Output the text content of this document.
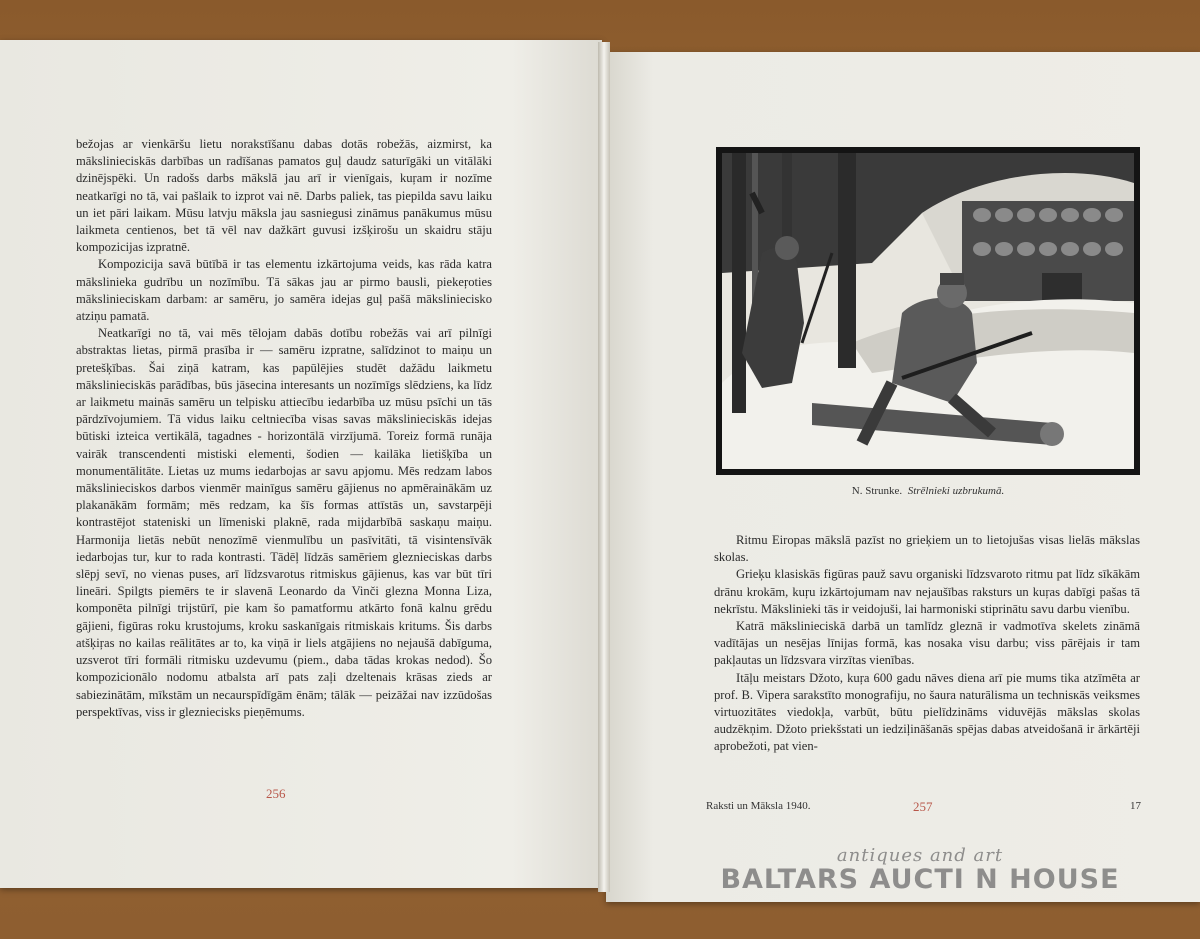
bežojas ar vienkāršu lietu norakstīšanu dabas dotās robežās, aizmirst, ka mākslinieciskās darbības un radīšanas pamatos guļ daudz saturīgāki un vitālāki dzinējspēki. Un radošs darbs mākslā jau arī ir vienīgais, kuŗam ir nozīme neatkarīgi no tā, vai pašlaik to izprot vai nē. Darbs paliek, tas piepilda savu laiku un iet pāri laikam. Mūsu latvju māksla jau sasniegusi zināmus panākumus mūsu laikmeta centienos, bet tā vēl nav dažkārt guvusi izšķirošu un skaidru stāju kompozicijas izpratnē.

Kompozicija savā būtībā ir tas elementu izkārtojuma veids, kas rāda katra mākslinieka gudrību un nozīmību. Tā sākas jau ar pirmo bausli, piekeŗoties mākslinieciskam darbam: ar samēru, jo samēra idejas guļ pašā mākslinieciskо atziņu pamatā.

Neatkarīgi no tā, vai mēs tēlojam dabās dotību robežās vai arī pilnīgi abstraktas lietas, pirmā prasība ir — samēru izpratne, salīdzinot to maiņu un pretešķības. Šai ziņā katram, kas papūlējies studēt dažādu laikmetu mākslinieciskās parādības, būs jāsecina interesants un nozīmīgs slēdziens, ka līdz ar laikmetu mainās samēru un telpisku attiecību iedarbība uz mūsu psīchi un tās pārdzīvojumiem. Tā vidus laiku celtniecība visas savas mākslinieciskās idejas būtiski izteica vertikālā, tagadnes - horizontālā virzījumā. Toreiz formā runāja vairāk transcendenti mistiski elementi, šodien — kailāka lietišķība un monumentālitāte. Lietas uz mums iedarbojas ar savu apjomu. Mēs redzam labos mākslinieciskos darbos vienmēr mainīgus samēru gājienus no apmērainākām uz plakanākām formām; mēs redzam, ka šīs formas attīstās un, savstarpēji kontrastējot stateniski un līmeniski plaknē, rada mijdarbībā saskaņu maiņu. Harmonija lietās nebūt nenozīmē vienmulību un pasīvitāti, tā visintensīvāk iedarbojas tur, kur to rada kontrasti. Tādēļ līdzās samēriem gleznieciskas darbs slēpj sevī, no vienas puses, arī līdzsvarotus ritmiskus gājienus, kas var būt tīri lineāri. Spilgts piemērs te ir slavenā Leonardo da Vinči glezna Monna Liza, komponēta pilnīgi trijstūrī, pie kam šo pamatformu atkārto fonā kalnu grēdu gājieni, figūras roku krustojums, kroku saskanīgais ritmiskais kritums. Šis darbs atšķiŗas no kailas reālitātes ar to, ka viņā ir liels atgājiens no nejaušā dabīguma, uzsverot tīri formāli ritmisku uzdevumu (piem., daba tādas krokas nedod). Šo kompozicionālo nodomu atbalsta arī pats zaļi dzeltenais krāsas zieds ar sabiezinātām, mīkstām un necaurspīdīgām ēnām; tālāk — peizāžai nav izzūdošas perspektīvas, viss ir gleznieciskѕ pieņēmums.

256
N. Strunke. Strēlnieki uzbrukumā.

Ritmu Eiropas mākslā pazīst no grieķiem un to lietojušas visas lielās mākslas skolas.

Grieķu klasiskās figūras pauž savu organiski līdzsvaroto ritmu pat līdz sīkākām drānu krokām, kuŗu izkārtojumam nav nejaušības raksturs un kuŗas dabīgi pašas tā nekrīstu. Mākslinieki tās ir veidojuši, lai harmoniski stiprinātu savu darbu vienību.

Katrā mākslinieciskā darbā un tamlīdz gleznā ir vadmotīva skelets zināmā vadītājas un nesējas līnijas formā, kas nosaka visu darbu; viss pārējais ir tam pakļautas un līdzsvara virzītas vienības.

Itāļu meistars Džoto, kuŗa 600 gadu nāves diena arī pie mums tika atzīmēta ar prof. B. Vipera sarakstīto monografiju, no šaura naturālisma un technisкās veiksmes virtuozitātes viedokļa, varbūt, būtu pielīdzināms viduvējās mākslas skolas audzēkņim. Džoto priekšstati un iedziļināšanās spējas dabas atveidošanā ir ārkārtēji aprobežoti, pat vien-

Raksti un Māksla 1940.	257	17
antiques and art
BALTARS AUCTI N HOUSE
